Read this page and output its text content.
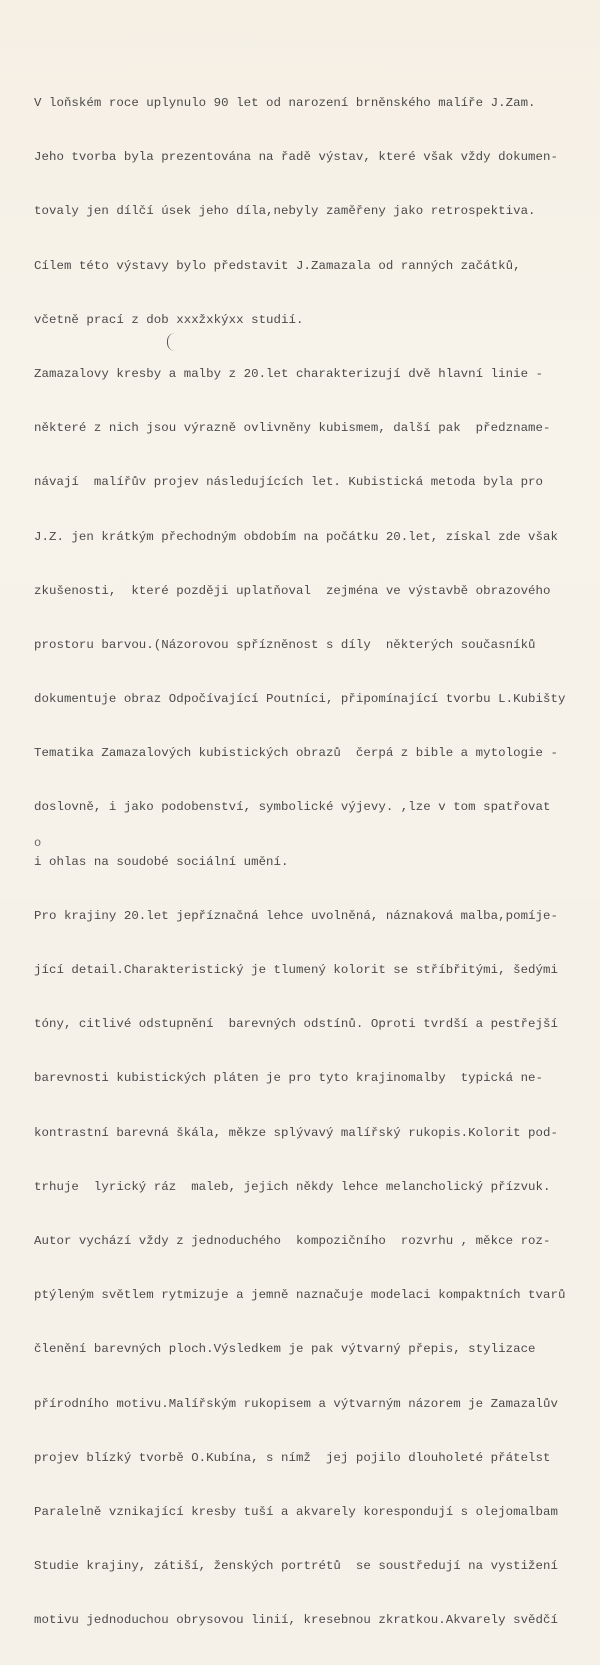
V loňském roce uplynulo 90 let od narození brněnského malíře J.Zam.

Jeho tvorba byla prezentována na řadě výstav, které však vždy dokumen-

tovaly jen dílčí úsek jeho díla,nebyly zaměřeny jako retrospektiva.

Cílem této výstavy bylo představit J.Zamazala od ranných začátků,

včetně prací z dob xxxžxkýxx studií.

Zamazalovy kresby a malby z 20.let charakterizují dvě hlavní linie -

některé z nich jsou výrazně ovlivněny kubismem, další pak  předzname-

návají  malířův projev následujících let. Kubistická metoda byla pro

J.Z. jen krátkým přechodným obdobím na počátku 20.let, získal zde však

zkušenosti,  které později uplatňoval  zejména ve výstavbě obrazového

prostoru barvou.(Názorovou spřízněnost s díly  některých současníků

dokumentuje obraz Odpočívající Poutníci, připomínající tvorbu L.Kubišty

Tematika Zamazalových kubistických obrazů  čerpá z bible a mytologie -

doslovně, i jako podobenství, symbolické výjevy. ,lze v tom spatřovat

i ohlas na soudobé sociální umění.

Pro krajiny 20.let jepříznačná lehce uvolněná, náznaková malba,pomíje-

jící detail.Charakteristický je tlumený kolorit se stříbřitými, šedými

tóny, citlivé odstupnění  barevných odstínů. Oproti tvrdší a pestřejší

barevnosti kubistických pláten je pro tyto krajinomalby  typická ne-

kontrastní barevná škála, měkze splývavý malířský rukopis.Kolorit pod-

trhuje  lyrický ráz  maleb, jejich někdy lehce melancholický přízvuk.

Autor vychází vždy z jednoduchého  kompozičního  rozvrhu , měkce roz-

ptýleným světlem rytmizuje a jemně naznačuje modelaci kompaktních tvarů

členění barevných ploch.Výsledkem je pak výtvarný přepis, stylizace

přírodního motivu.Malířským rukopisem a výtvarným názorem je Zamazalův

projev blízký tvorbě O.Kubína, s nímž  jej pojilo dlouholeté přátelst

Paralelně vznikající kresby tuší a akvarely korespondují s olejomalbam

Studie krajiny, zátiší, ženských portrétů  se soustředují na vystižení

motivu jednoduchou obrysovou linií, kresebnou zkratkou.Akvarely svědčí

o
